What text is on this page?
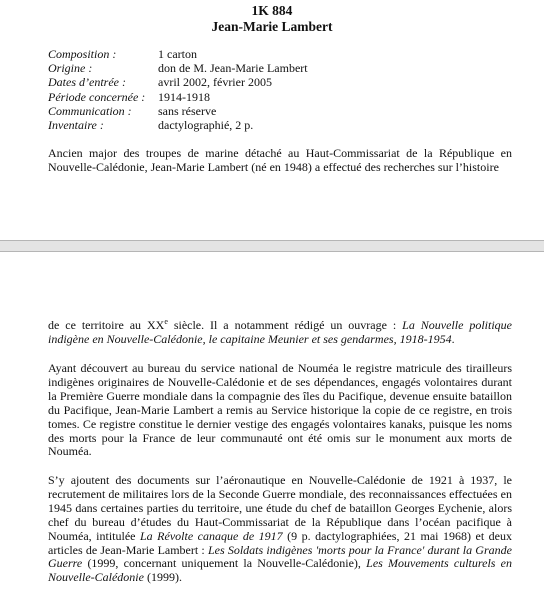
1K 884
Jean-Marie Lambert
Composition :	1 carton
Origine :	don de M. Jean-Marie Lambert
Dates d’entrée :	avril 2002, février 2005
Période concernée :	1914-1918
Communication :	sans réserve
Inventaire :	dactylographié, 2 p.
Ancien major des troupes de marine détaché au Haut-Commissariat de la République en Nouvelle-Calédonie, Jean-Marie Lambert (né en 1948) a effectué des recherches sur l’histoire
de ce territoire au XXe siècle. Il a notamment rédigé un ouvrage : La Nouvelle politique indigène en Nouvelle-Calédonie, le capitaine Meunier et ses gendarmes, 1918-1954.
Ayant découvert au bureau du service national de Nouméa le registre matricule des tirailleurs indigènes originaires de Nouvelle-Calédonie et de ses dépendances, engagés volontaires durant la Première Guerre mondiale dans la compagnie des îles du Pacifique, devenue ensuite bataillon du Pacifique, Jean-Marie Lambert a remis au Service historique la copie de ce registre, en trois tomes. Ce registre constitue le dernier vestige des engagés volontaires kanaks, puisque les noms des morts pour la France de leur communauté ont été omis sur le monument aux morts de Nouméa.
S’y ajoutent des documents sur l’aéronautique en Nouvelle-Calédonie de 1921 à 1937, le recrutement de militaires lors de la Seconde Guerre mondiale, des reconnaissances effectuées en 1945 dans certaines parties du territoire, une étude du chef de bataillon Georges Eychenie, alors chef du bureau d’études du Haut-Commissariat de la République dans l’océan pacifique à Nouméa, intitulée La Révolte canaque de 1917 (9 p. dactylographiées, 21 mai 1968) et deux articles de Jean-Marie Lambert : Les Soldats indigènes 'morts pour la France' durant la Grande Guerre (1999, concernant uniquement la Nouvelle-Calédonie), Les Mouvements culturels en Nouvelle-Calédonie (1999).
